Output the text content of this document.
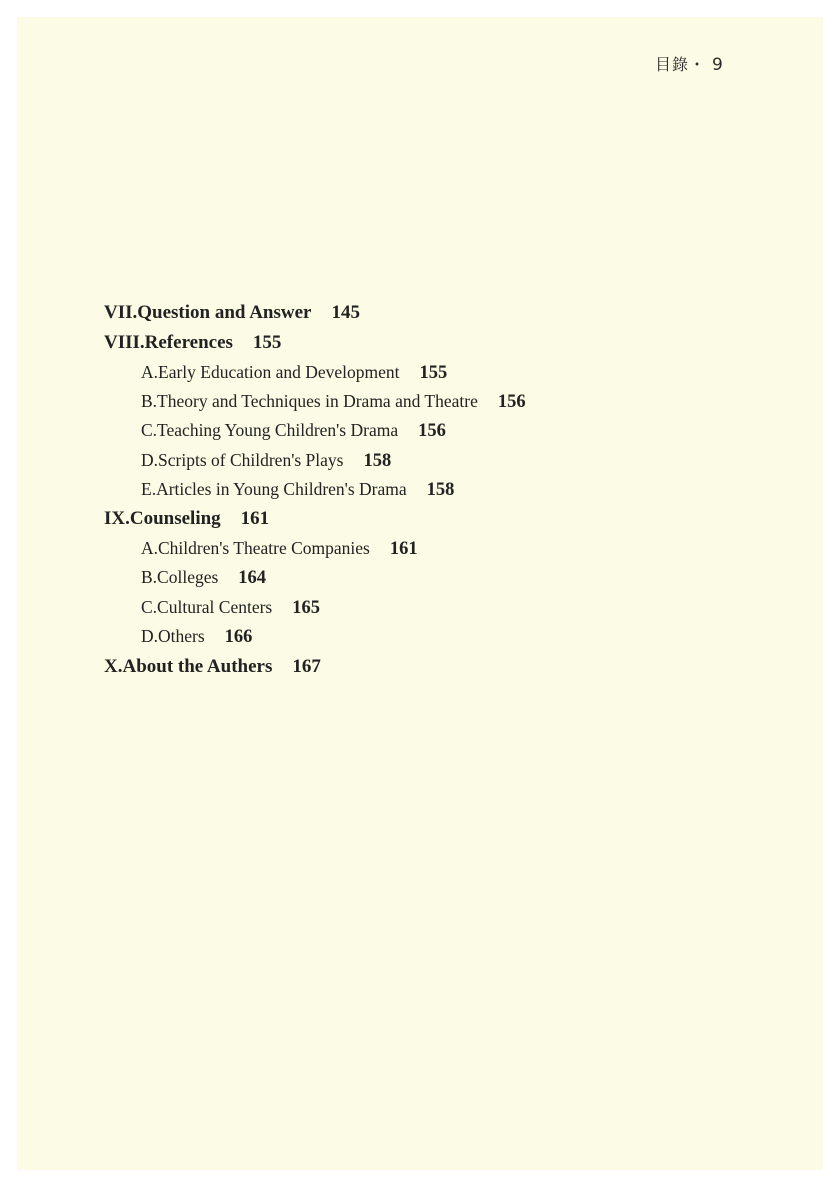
目錄・ 9
VII.Question and Answer 145
VIII.References 155
A.Early Education and Development 155
B.Theory and Techniques in Drama and Theatre 156
C.Teaching Young Children's Drama 156
D.Scripts of Children's Plays 158
E.Articles in Young Children's Drama 158
IX.Counseling 161
A.Children's Theatre Companies 161
B.Colleges 164
C.Cultural Centers 165
D.Others 166
X.About the Authers 167
